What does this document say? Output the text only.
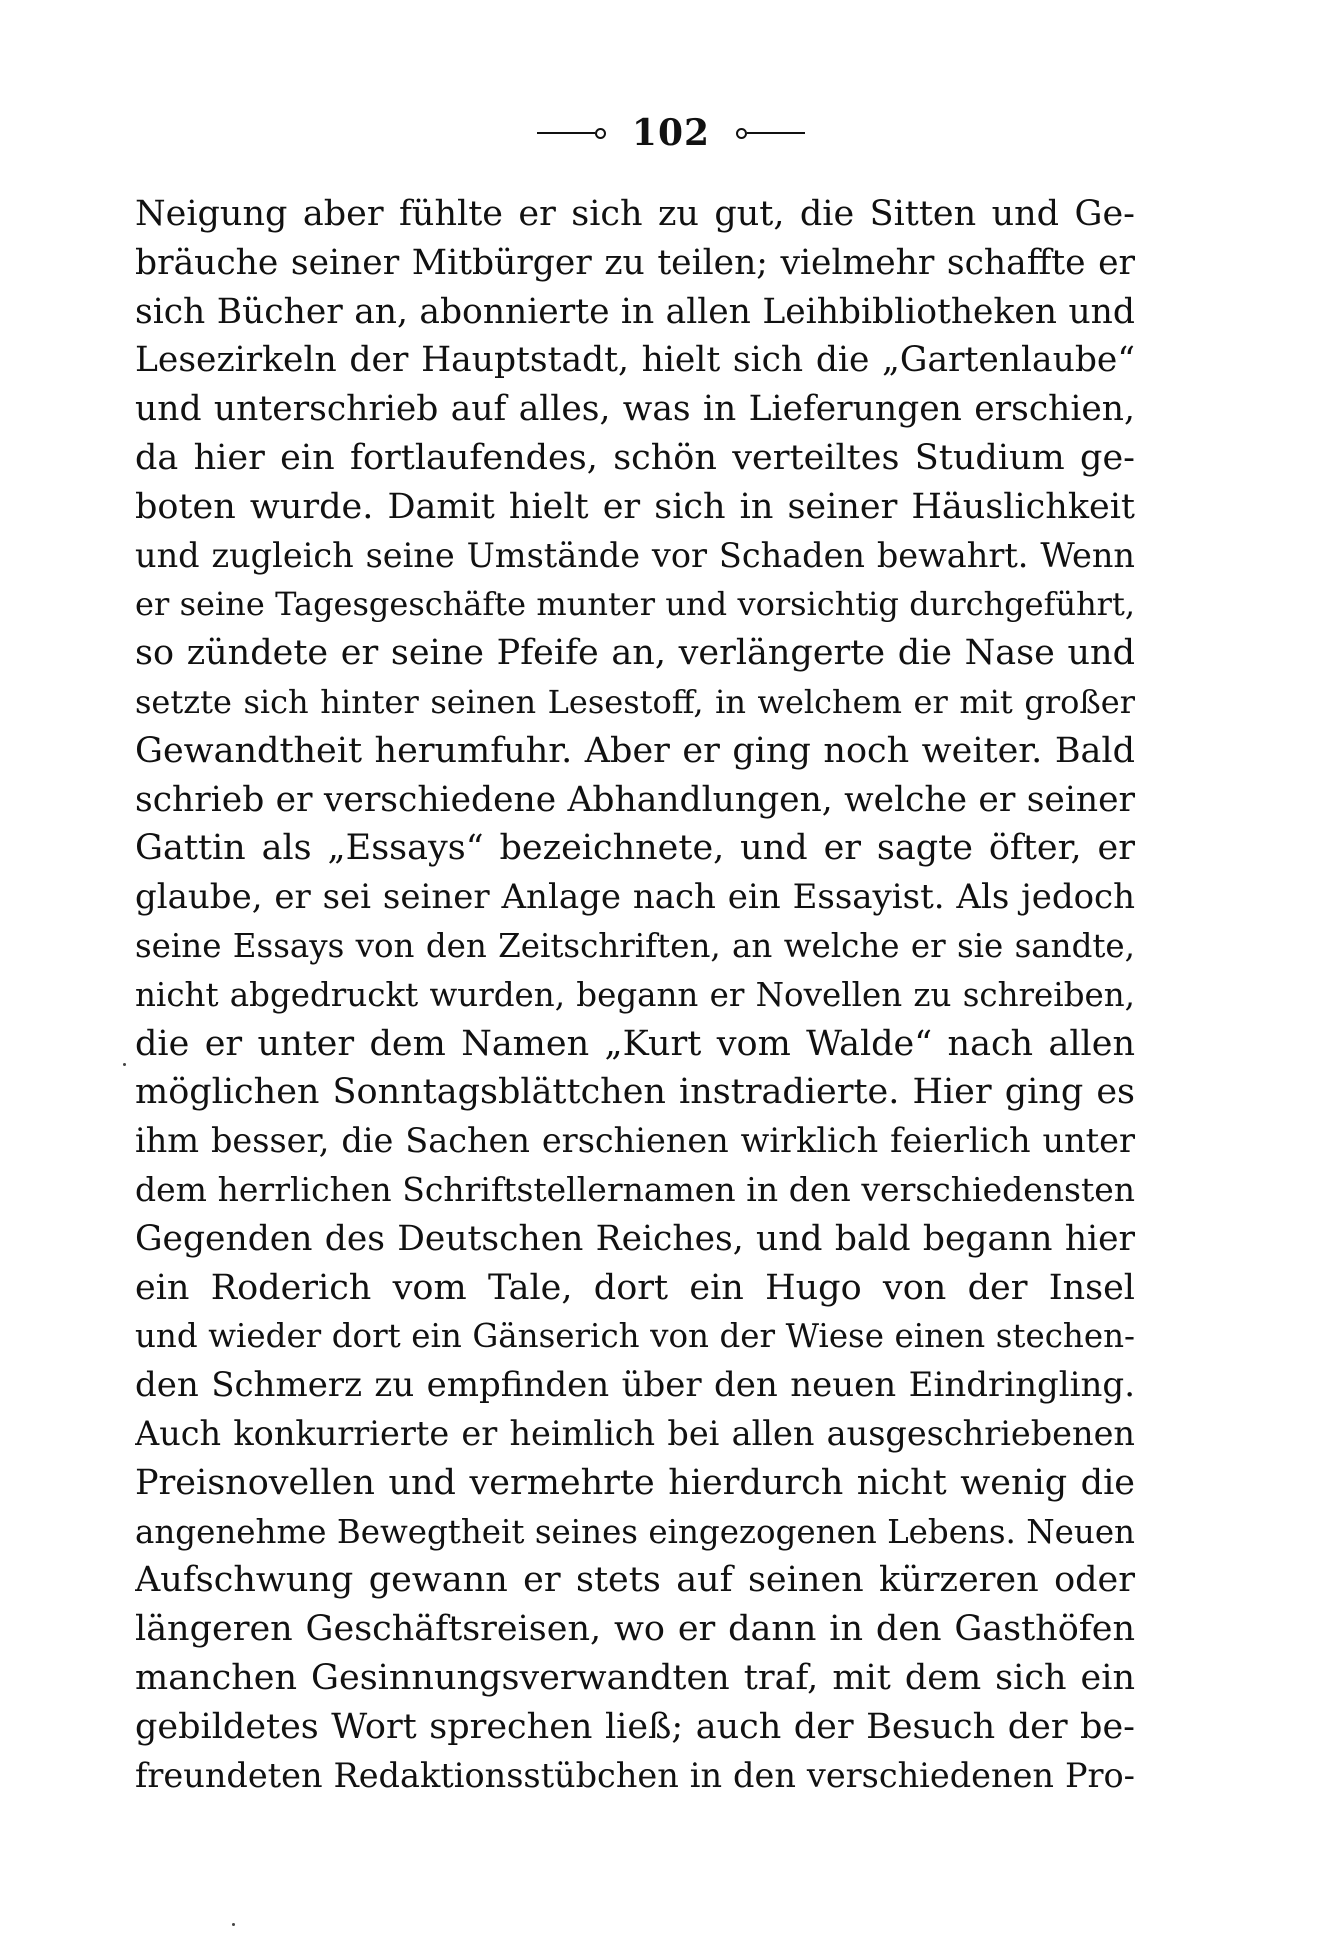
102
Neigung aber fühlte er sich zu gut, die Sitten und Ge-
bräuche seiner Mitbürger zu teilen; vielmehr schaffte er
sich Bücher an, abonnierte in allen Leihbibliotheken und
Lesezirkeln der Hauptstadt, hielt sich die „Gartenlaube“
und unterschrieb auf alles, was in Lieferungen erschien,
da hier ein fortlaufendes, schön verteiltes Studium ge-
boten wurde. Damit hielt er sich in seiner Häuslichkeit
und zugleich seine Umstände vor Schaden bewahrt. Wenn
er seine Tagesgeschäfte munter und vorsichtig durchgeführt,
so zündete er seine Pfeife an, verlängerte die Nase und
setzte sich hinter seinen Lesestoff, in welchem er mit großer
Gewandtheit herumfuhr. Aber er ging noch weiter. Bald
schrieb er verschiedene Abhandlungen, welche er seiner
Gattin als „Essays“ bezeichnete, und er sagte öfter, er
glaube, er sei seiner Anlage nach ein Essayist. Als jedoch
seine Essays von den Zeitschriften, an welche er sie sandte,
nicht abgedruckt wurden, begann er Novellen zu schreiben,
die er unter dem Namen „Kurt vom Walde“ nach allen
möglichen Sonntagsblättchen instradierte. Hier ging es
ihm besser, die Sachen erschienen wirklich feierlich unter
dem herrlichen Schriftstellernamen in den verschiedensten
Gegenden des Deutschen Reiches, und bald begann hier
ein Roderich vom Tale, dort ein Hugo von der Insel
und wieder dort ein Gänserich von der Wiese einen stechen-
den Schmerz zu empfinden über den neuen Eindringling.
Auch konkurrierte er heimlich bei allen ausgeschriebenen
Preisnovellen und vermehrte hierdurch nicht wenig die
angenehme Bewegtheit seines eingezogenen Lebens. Neuen
Aufschwung gewann er stets auf seinen kürzeren oder
längeren Geschäftsreisen, wo er dann in den Gasthöfen
manchen Gesinnungsverwandten traf, mit dem sich ein
gebildetes Wort sprechen ließ; auch der Besuch der be-
freundeten Redaktionsstübchen in den verschiedenen Pro-
